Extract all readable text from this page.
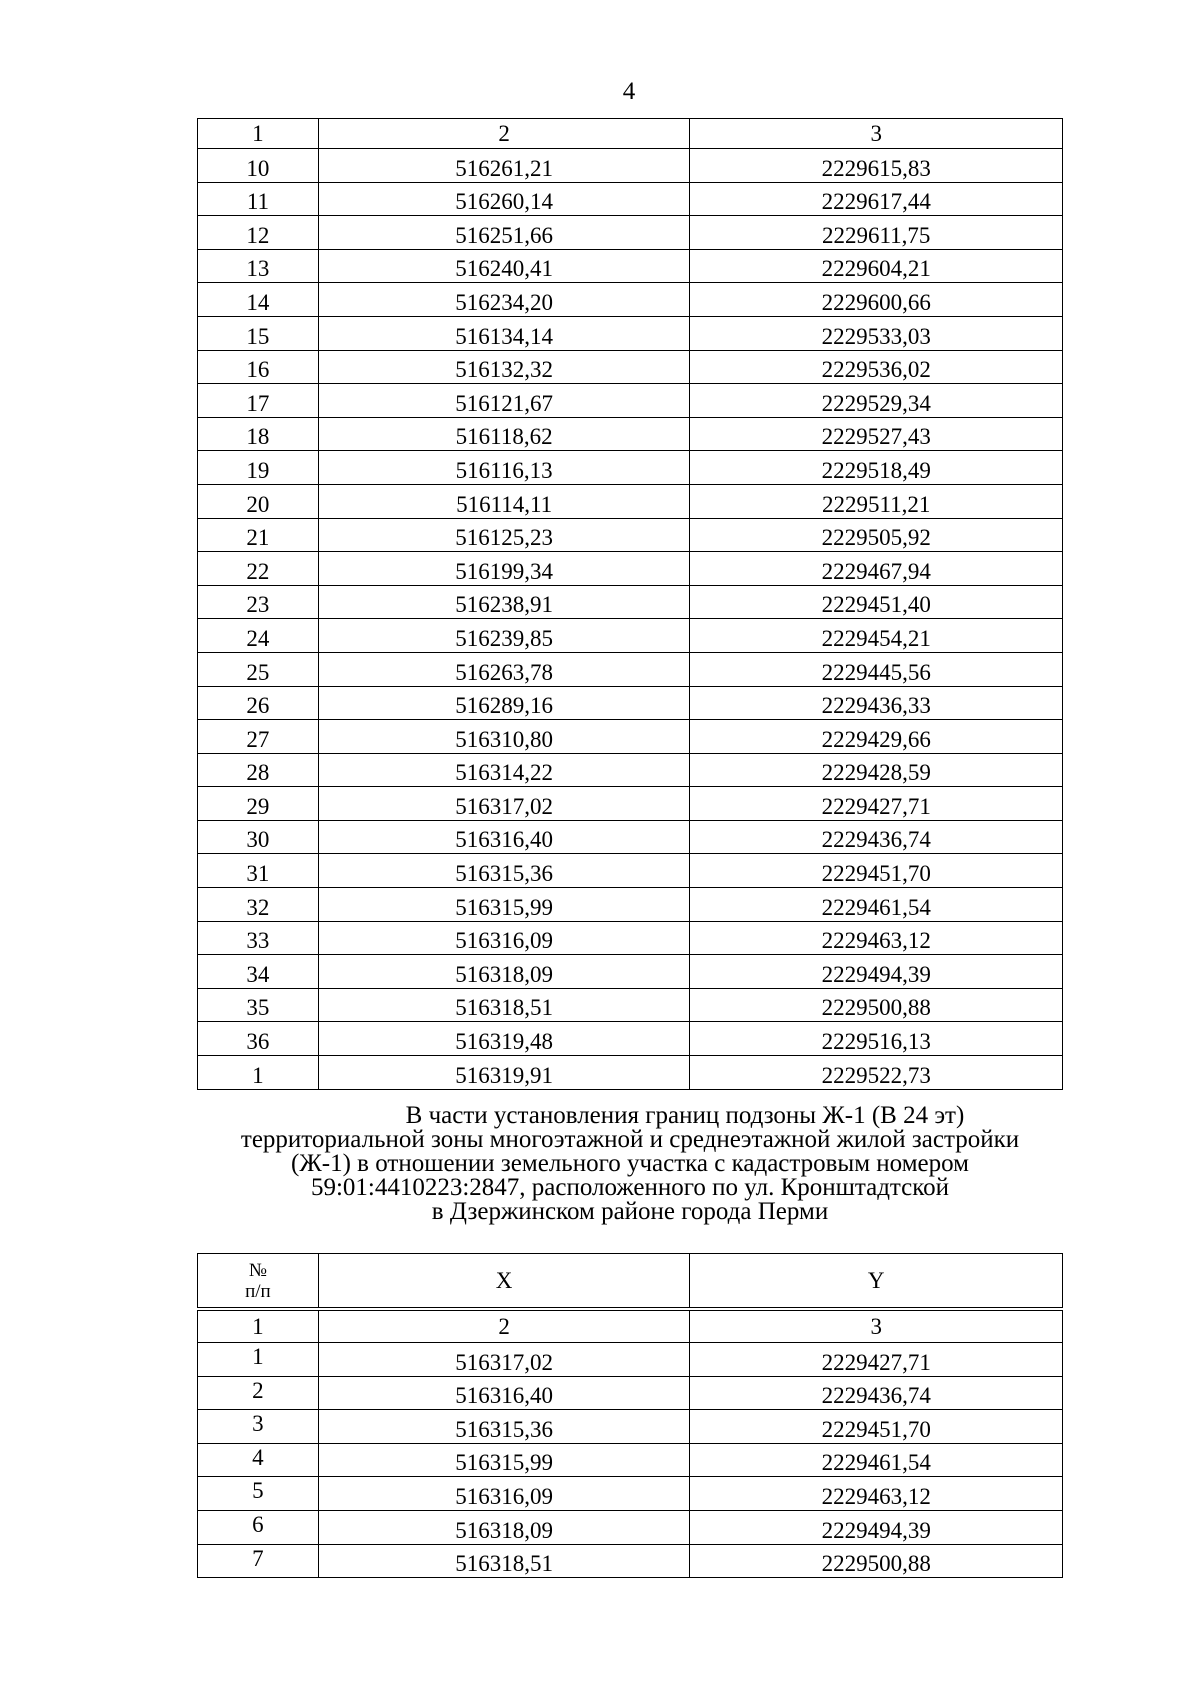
4
1	2	3
10	516261,21	2229615,83
11	516260,14	2229617,44
12	516251,66	2229611,75
13	516240,41	2229604,21
14	516234,20	2229600,66
15	516134,14	2229533,03
16	516132,32	2229536,02
17	516121,67	2229529,34
18	516118,62	2229527,43
19	516116,13	2229518,49
20	516114,11	2229511,21
21	516125,23	2229505,92
22	516199,34	2229467,94
23	516238,91	2229451,40
24	516239,85	2229454,21
25	516263,78	2229445,56
26	516289,16	2229436,33
27	516310,80	2229429,66
28	516314,22	2229428,59
29	516317,02	2229427,71
30	516316,40	2229436,74
31	516315,36	2229451,70
32	516315,99	2229461,54
33	516316,09	2229463,12
34	516318,09	2229494,39
35	516318,51	2229500,88
36	516319,48	2229516,13
1	516319,91	2229522,73
В части установления границ подзоны Ж-1 (В 24 эт)
территориальной зоны многоэтажной и среднеэтажной жилой застройки
(Ж-1) в отношении земельного участка с кадастровым номером
59:01:4410223:2847, расположенного по ул. Кронштадтской
в Дзержинском районе города Перми
№
п/п	X	Y
1	2	3
1	516317,02	2229427,71
2	516316,40	2229436,74
3	516315,36	2229451,70
4	516315,99	2229461,54
5	516316,09	2229463,12
6	516318,09	2229494,39
7	516318,51	2229500,88
